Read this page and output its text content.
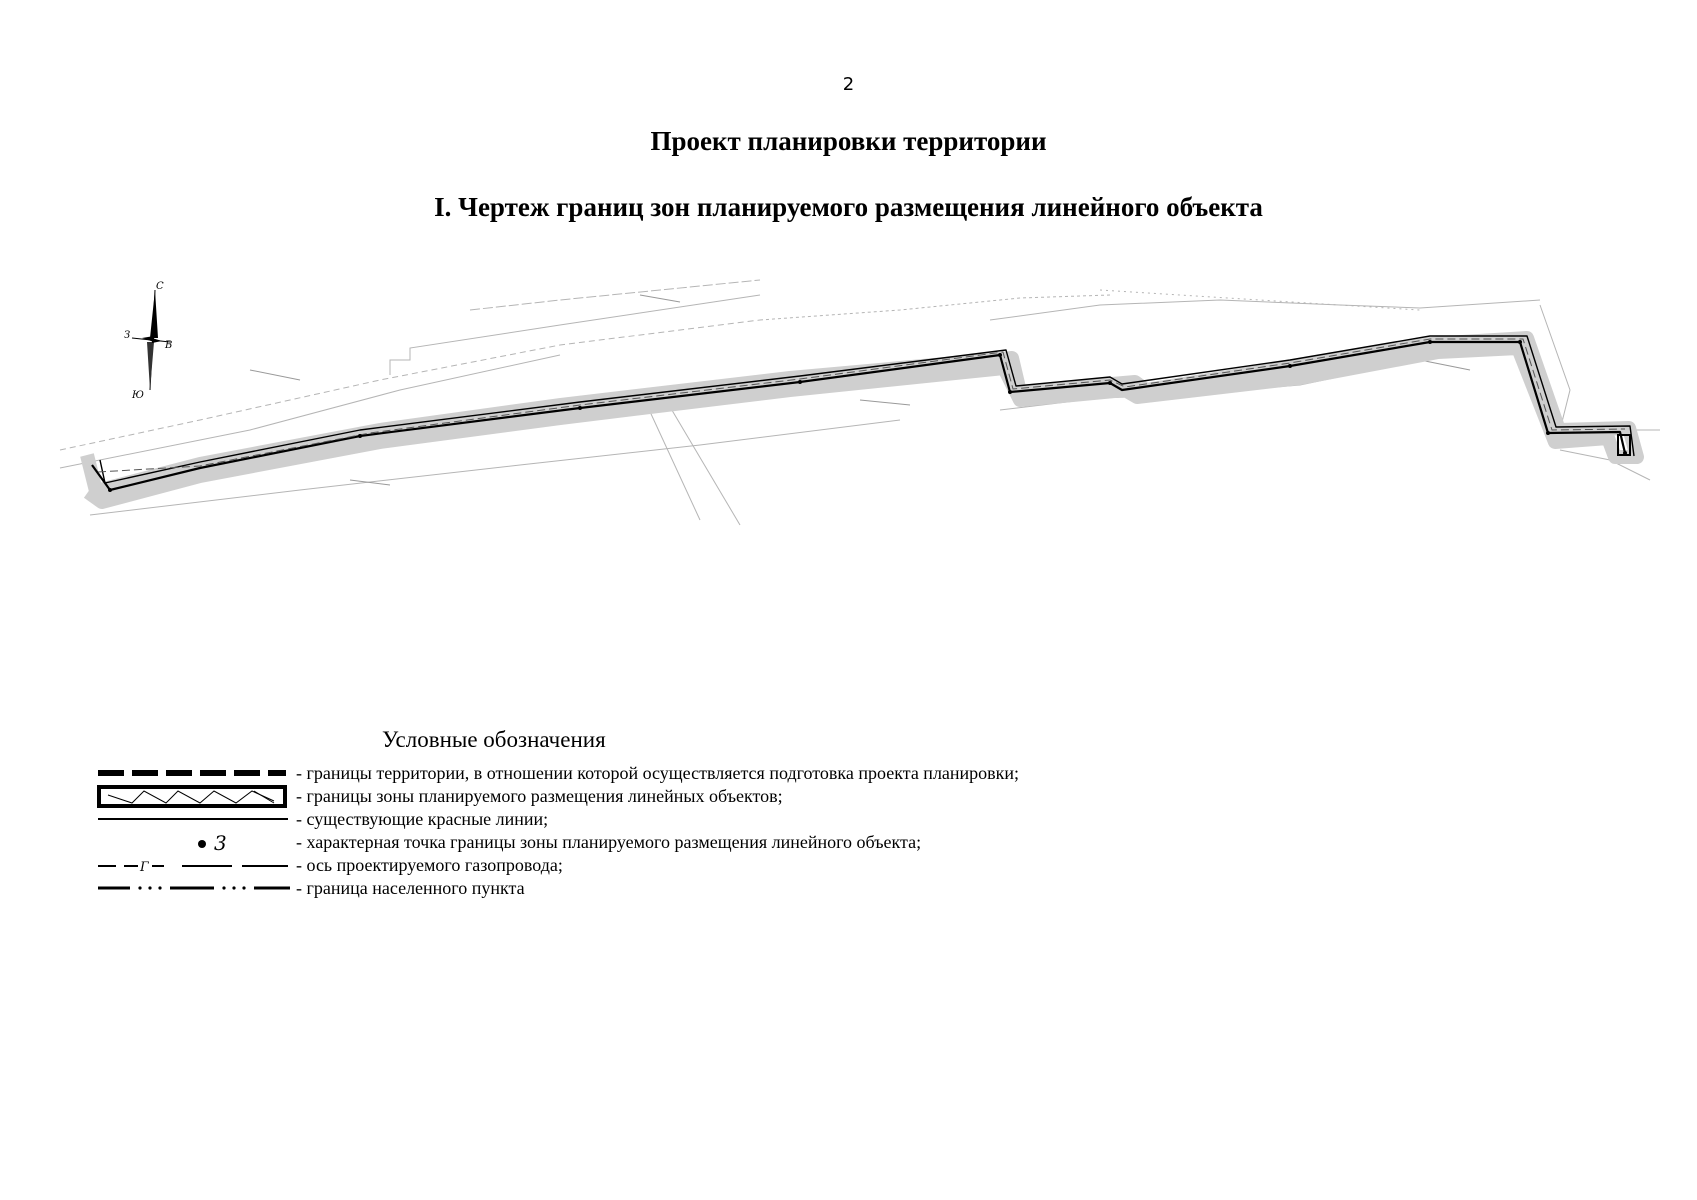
2
Проект планировки территории
I. Чертеж границ зон планируемого размещения линейного объекта
С
З
В
Ю
Условные обозначения
- границы территории, в отношении которой осуществляется подготовка проекта планировки;
- границы зоны планируемого размещения линейных объектов;
- существующие красные линии;
3	- характерная точка границы зоны планируемого размещения линейного объекта;
Г	- ось проектируемого газопровода;
- граница населенного пункта
